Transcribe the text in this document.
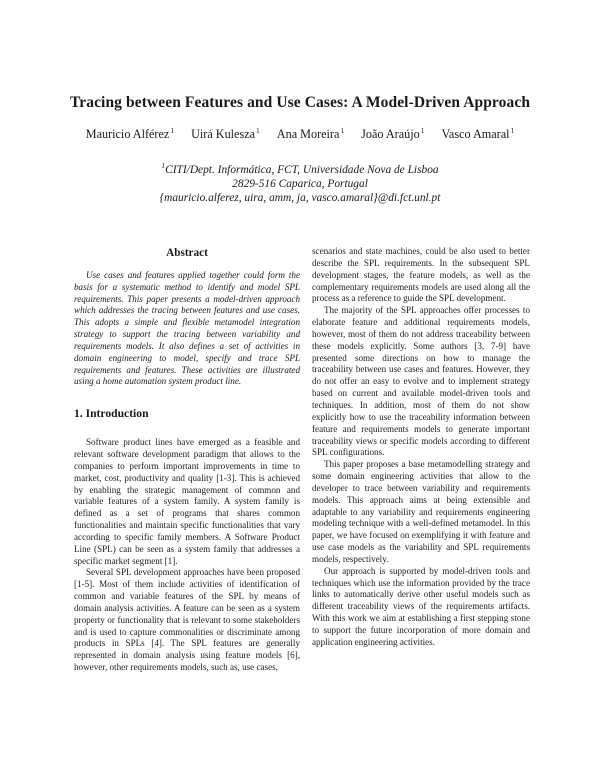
Tracing between Features and Use Cases: A Model-Driven Approach
Mauricio Alférez$^1$ Uirá Kulesza$^1$ Ana Moreira$^1$ João Araújo$^1$ Vasco Amaral$^1$
$^1$CITI/Dept. Informática, FCT, Universidade Nova de Lisboa
2829-516 Caparica, Portugal
{mauricio.alferez, uira, amm, ja, vasco.amaral}@di.fct.unl.pt
Abstract

Use cases and features applied together could form the basis for a systematic method to identify and model SPL requirements. This paper presents a model-driven approach which addresses the tracing between features and use cases. This adopts a simple and flexible metamodel integration strategy to support the tracing between variability and requirements models. It also defines a set of activities in domain engineering to model, specify and trace SPL requirements and features. These activities are illustrated using a home automation system product line.

1. Introduction

Software product lines have emerged as a feasible and relevant software development paradigm that allows to the companies to perform important improvements in time to market, cost, productivity and quality [1-3]. This is achieved by enabling the strategic management of common and variable features of a system family. A system family is defined as a set of programs that shares common functionalities and maintain specific functionalities that vary according to specific family members. A Software Product Line (SPL) can be seen as a system family that addresses a specific market segment [1].

Several SPL development approaches have been proposed [1-5]. Most of them include activities of identification of common and variable features of the SPL by means of domain analysis activities. A feature can be seen as a system property or functionality that is relevant to some stakeholders and is used to capture commonalities or discriminate among products in SPLs [4]. The SPL features are generally represented in domain analysis using feature models [6], however, other requirements models, such as, use cases,

scenarios and state machines, could be also used to better describe the SPL requirements. In the subsequent SPL development stages, the feature models, as well as the complementary requirements models are used along all the process as a reference to guide the SPL development.

The majority of the SPL approaches offer processes to elaborate feature and additional requirements models, however, most of them do not address traceability between these models explicitly. Some authors [3, 7-9] have presented some directions on how to manage the traceability between use cases and features. However, they do not offer an easy to evolve and to implement strategy based on current and available model-driven tools and techniques. In addition, most of them do not show explicitly how to use the traceability information between feature and requirements models to generate important traceability views or specific models according to different SPL configurations.

This paper proposes a base metamodelling strategy and some domain engineering activities that allow to the developer to trace between variability and requirements models. This approach aims at being extensible and adaptable to any variability and requirements engineering modeling technique with a well-defined metamodel. In this paper, we have focused on exemplifying it with feature and use case models as the variability and SPL requirements models, respectively.

Our approach is supported by model-driven tools and techniques which use the information provided by the trace links to automatically derive other useful models such as different traceability views of the requirements artifacts. With this work we aim at establishing a first stepping stone to support the future incorporation of more domain and application engineering activities.
